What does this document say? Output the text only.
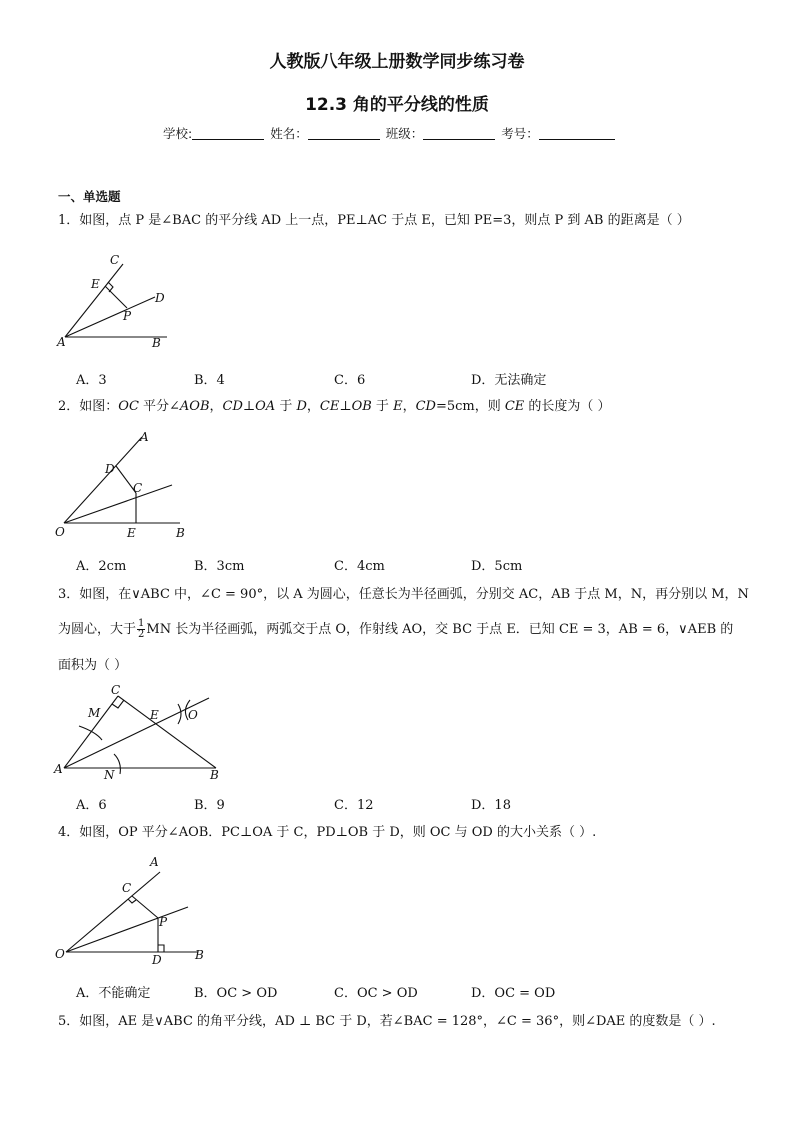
人教版八年级上册数学同步练习卷
12.3 角的平分线的性质
学校:	姓名：	班级：	考号：
一、单选题
1．如图，点 P 是∠BAC 的平分线 AD 上一点，PE⊥AC 于点 E，已知 PE=3，则点 P 到 AB 的距离是（ ）
A	B
C
D
E
P
A．3	B．4	C．6	D．无法确定
2．如图：OC 平分∠AOB，CD⊥OA 于 D，CE⊥OB 于 E，CD=5cm，则 CE 的长度为（ ）
A
B
C
D
E
O
A．2cm	B．3cm	C．4cm	D．5cm
3．如图，在∨ABC 中，∠C = 90°，以 A 为圆心，任意长为半径画弧，分别交 AC，AB 于点 M，N，再分别以 M，N
为圆心，大于 $\frac{1}{2}$ MN 长为半径画弧，两弧交于点 O，作射线 AO，交 BC 于点 E．已知 CE = 3，AB = 6，∨AEB 的
面积为（ ）
A	B
C
E
M
N
O
A．6	B．9	C．12	D．18
4．如图，OP 平分∠AOB．PC⊥OA 于 C，PD⊥OB 于 D，则 OC 与 OD 的大小关系（ ）.
A
B
C
D
O
P
A．不能确定	B．OC > OD	C．OC > OD	D．OC = OD
5．如图，AE 是∨ABC 的角平分线，AD ⊥ BC 于 D，若∠BAC = 128°，∠C = 36°，则∠DAE 的度数是（ ）.
